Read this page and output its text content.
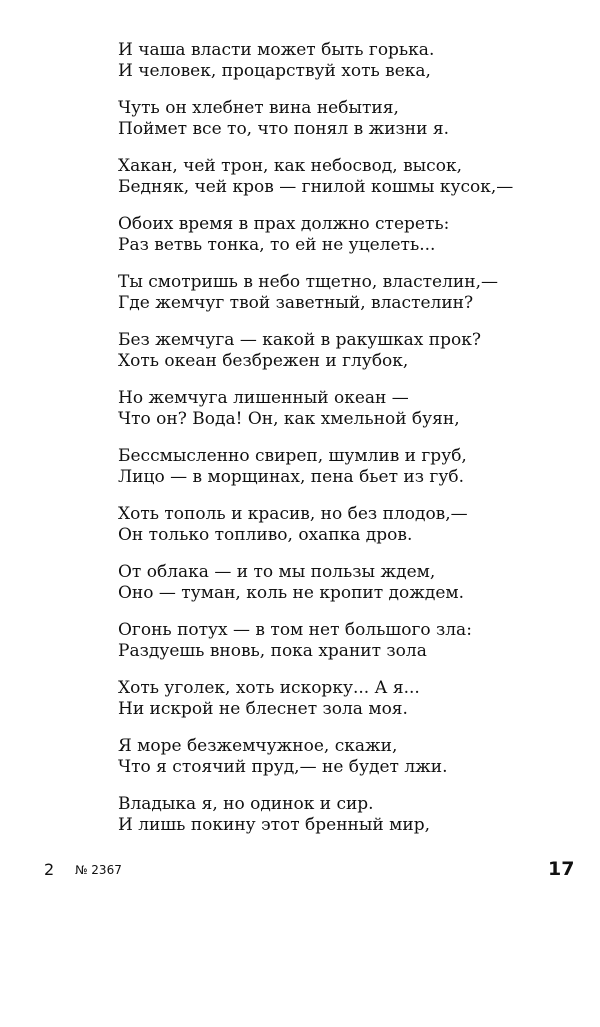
И чаша власти может быть горька.
И человек, процарствуй хоть века,
Чуть он хлебнет вина небытия,
Поймет все то, что понял в жизни я.
Хакан, чей трон, как небосвод, высок,
Бедняк, чей кров — гнилой кошмы кусок,—
Обоих время в прах должно стереть:
Раз ветвь тонка, то ей не уцелеть...
Ты смотришь в небо тщетно, властелин,—
Где жемчуг твой заветный, властелин?
Без жемчуга — какой в ракушках прок?
Хоть океан безбрежен и глубок,
Но жемчуга лишенный океан —
Что он? Вода! Он, как хмельной буян,
Бессмысленно свиреп, шумлив и груб,
Лицо — в морщинах, пена бьет из губ.
Хоть тополь и красив, но без плодов,—
Он только топливо, охапка дров.
От облака — и то мы пользы ждем,
Оно — туман, коль не кропит дождем.
Огонь потух — в том нет большого зла:
Раздуешь вновь, пока хранит зола
Хоть уголек, хоть искорку... А я...
Ни искрой не блеснет зола моя.
Я море безжемчужное, скажи,
Что я стоячий пруд,— не будет лжи.
Владыка я, но одинок и сир.
И лишь покину этот бренный мир,
2 № 2367	17
